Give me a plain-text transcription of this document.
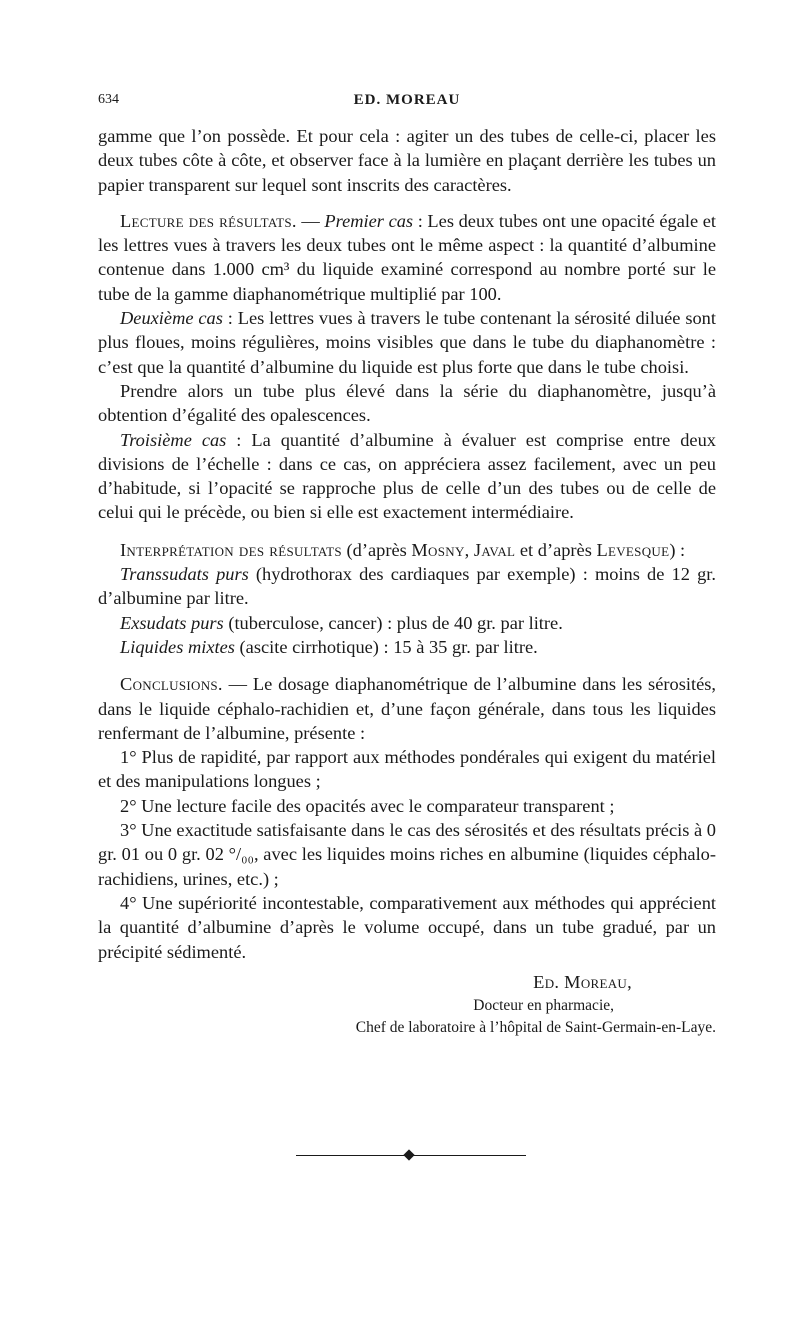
634	ED. MOREAU

gamme que l’on possède. Et pour cela : agiter un des tubes de celle-ci, placer les deux tubes côte à côte, et observer face à la lumière en plaçant derrière les tubes un papier transparent sur lequel sont inscrits des caractères.

Lecture des résultats. — Premier cas : Les deux tubes ont une opacité égale et les lettres vues à travers les deux tubes ont le même aspect : la quantité d’albumine contenue dans 1.000 cm³ du liquide examiné correspond au nombre porté sur le tube de la gamme diaphanométrique multiplié par 100.

Deuxième cas : Les lettres vues à travers le tube contenant la sérosité diluée sont plus floues, moins régulières, moins visibles que dans le tube du diaphanomètre : c’est que la quantité d’albumine du liquide est plus forte que dans le tube choisi.

Prendre alors un tube plus élevé dans la série du diaphanomètre, jusqu’à obtention d’égalité des opalescences.

Troisième cas : La quantité d’albumine à évaluer est comprise entre deux divisions de l’échelle : dans ce cas, on appréciera assez facilement, avec un peu d’habitude, si l’opacité se rapproche plus de celle d’un des tubes ou de celle de celui qui le précède, ou bien si elle est exactement intermédiaire.

Interprétation des résultats (d’après Mosny, Javal et d’après Levesque) :

Transsudats purs (hydrothorax des cardiaques par exemple) : moins de 12 gr. d’albumine par litre.

Exsudats purs (tuberculose, cancer) : plus de 40 gr. par litre.

Liquides mixtes (ascite cirrhotique) : 15 à 35 gr. par litre.

Conclusions. — Le dosage diaphanométrique de l’albumine dans les sérosités, dans le liquide céphalo-rachidien et, d’une façon générale, dans tous les liquides renfermant de l’albumine, présente :

1° Plus de rapidité, par rapport aux méthodes pondérales qui exigent du matériel et des manipulations longues ;

2° Une lecture facile des opacités avec le comparateur transparent ;

3° Une exactitude satisfaisante dans le cas des sérosités et des résultats précis à 0 gr. 01 ou 0 gr. 02 °/₀₀, avec les liquides moins riches en albumine (liquides céphalo-rachidiens, urines, etc.) ;

4° Une supériorité incontestable, comparativement aux méthodes qui apprécient la quantité d’albumine d’après le volume occupé, dans un tube gradué, par un précipité sédimenté.

Ed. Moreau,

Docteur en pharmacie,

Chef de laboratoire à l’hôpital de Saint-Germain-en-Laye.
